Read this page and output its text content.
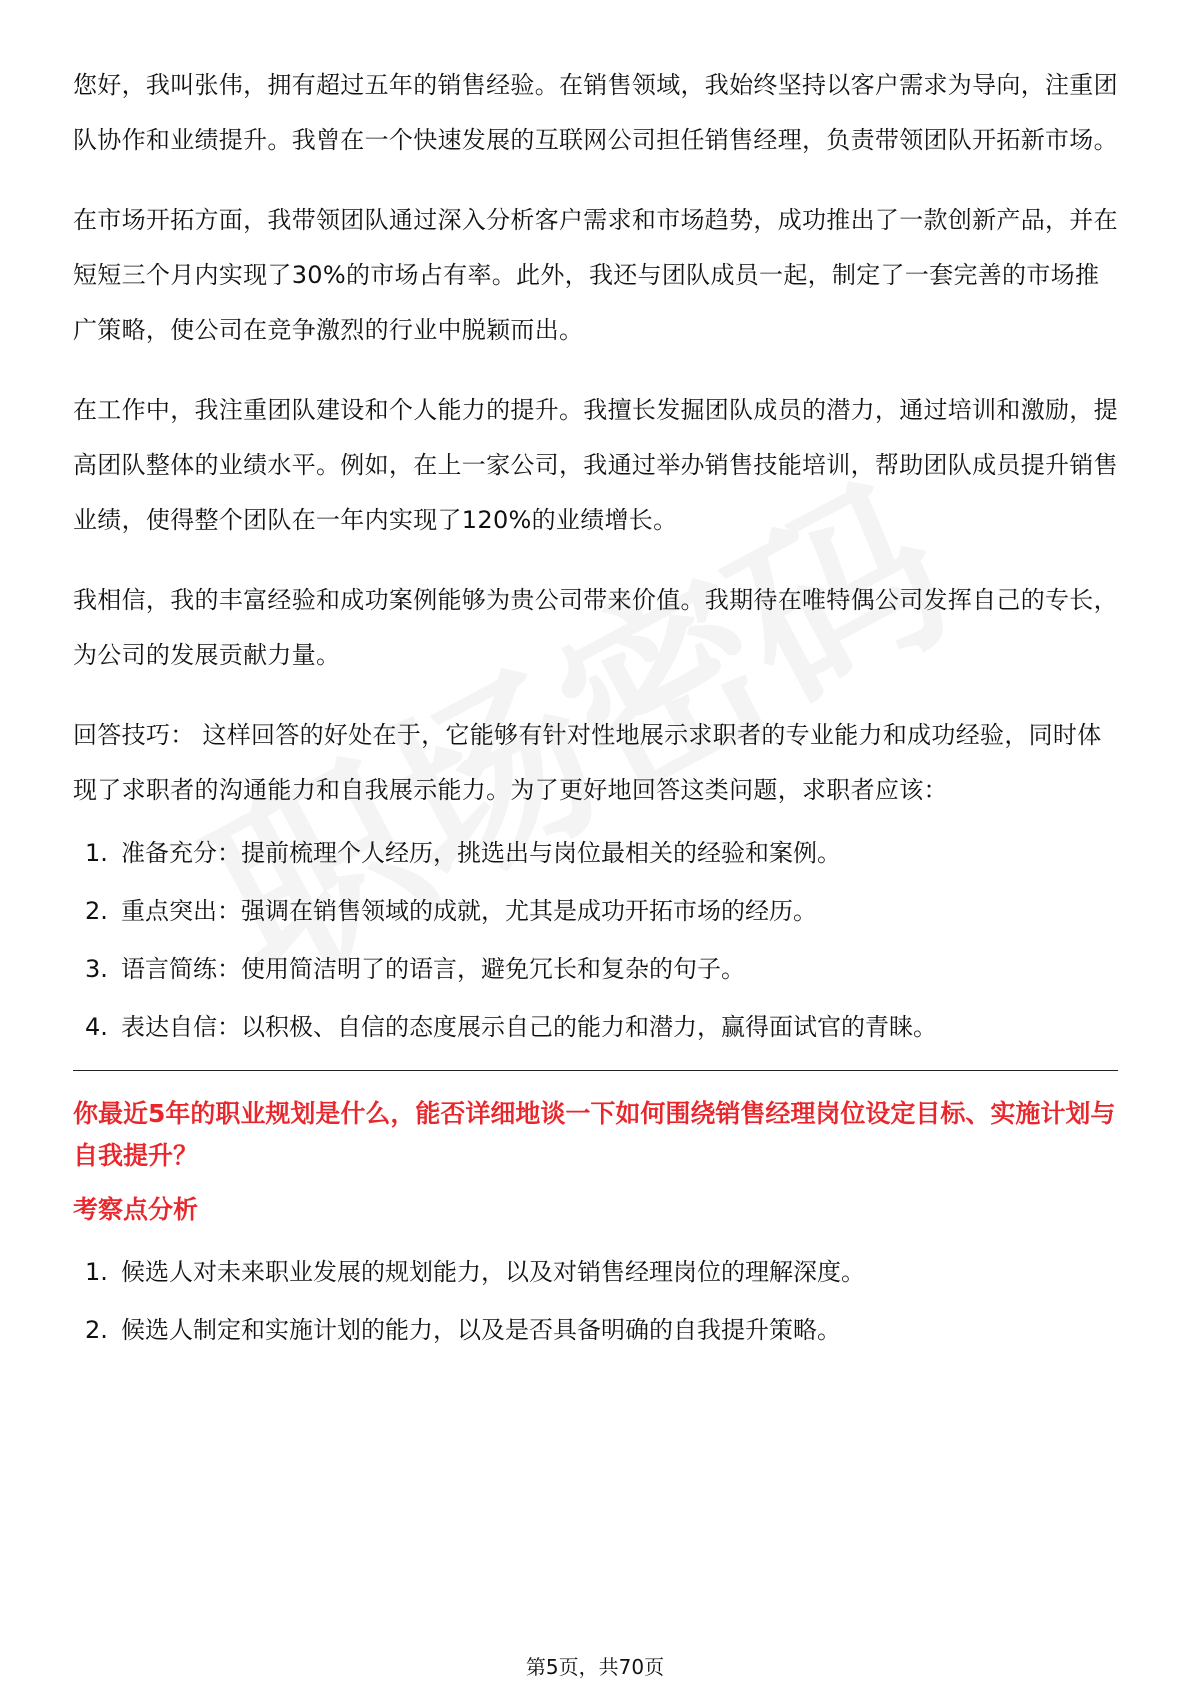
您好，我叫张伟，拥有超过五年的销售经验。在销售领域，我始终坚持以客户需求为导向，注重团队协作和业绩提升。我曾在一个快速发展的互联网公司担任销售经理，负责带领团队开拓新市场。

在市场开拓方面，我带领团队通过深入分析客户需求和市场趋势，成功推出了一款创新产品，并在短短三个月内实现了30%的市场占有率。此外，我还与团队成员一起，制定了一套完善的市场推广策略，使公司在竞争激烈的行业中脱颖而出。

在工作中，我注重团队建设和个人能力的提升。我擅长发掘团队成员的潜力，通过培训和激励，提高团队整体的业绩水平。例如，在上一家公司，我通过举办销售技能培训，帮助团队成员提升销售业绩，使得整个团队在一年内实现了120%的业绩增长。

我相信，我的丰富经验和成功案例能够为贵公司带来价值。我期待在唯特偶公司发挥自己的专长，为公司的发展贡献力量。

回答技巧： 这样回答的好处在于，它能够有针对性地展示求职者的专业能力和成功经验，同时体现了求职者的沟通能力和自我展示能力。为了更好地回答这类问题，求职者应该：

1. 准备充分：提前梳理个人经历，挑选出与岗位最相关的经验和案例。
2. 重点突出：强调在销售领域的成就，尤其是成功开拓市场的经历。
3. 语言简练：使用简洁明了的语言，避免冗长和复杂的句子。
4. 表达自信：以积极、自信的态度展示自己的能力和潜力，赢得面试官的青睐。

你最近5年的职业规划是什么，能否详细地谈一下如何围绕销售经理岗位设定目标、实施计划与自我提升？

考察点分析
1. 候选人对未来职业发展的规划能力，以及对销售经理岗位的理解深度。
2. 候选人制定和实施计划的能力，以及是否具备明确的自我提升策略。
第5页，共70页
